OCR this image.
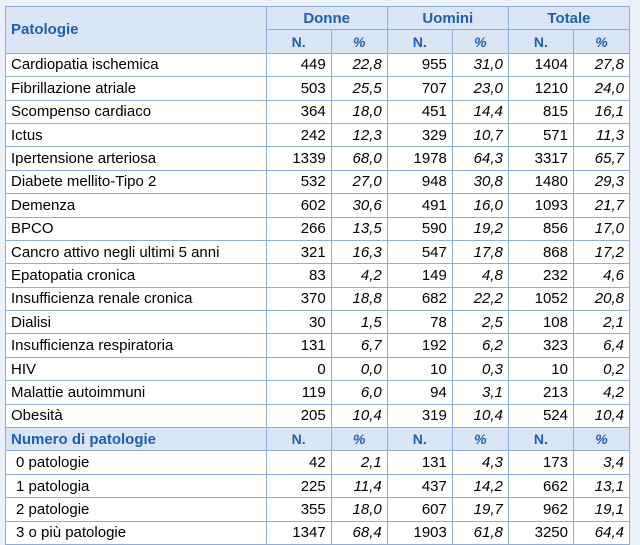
Patologie	Donne		Uomini		Totale	
	N.	%	N.	%	N.	%
Cardiopatia ischemica	449	22,8	955	31,0	1404	27,8
Fibrillazione atriale	503	25,5	707	23,0	1210	24,0
Scompenso cardiaco	364	18,0	451	14,4	815	16,1
Ictus	242	12,3	329	10,7	571	11,3
Ipertensione arteriosa	1339	68,0	1978	64,3	3317	65,7
Diabete mellito-Tipo 2	532	27,0	948	30,8	1480	29,3
Demenza	602	30,6	491	16,0	1093	21,7
BPCO	266	13,5	590	19,2	856	17,0
Cancro attivo negli ultimi 5 anni	321	16,3	547	17,8	868	17,2
Epatopatia cronica	83	4,2	149	4,8	232	4,6
Insufficienza renale cronica	370	18,8	682	22,2	1052	20,8
Dialisi	30	1,5	78	2,5	108	2,1
Insufficienza respiratoria	131	6,7	192	6,2	323	6,4
HIV	0	0,0	10	0,3	10	0,2
Malattie autoimmuni	119	6,0	94	3,1	213	4,2
Obesità	205	10,4	319	10,4	524	10,4
Numero di patologie	N.	%	N.	%	N.	%
0 patologie	42	2,1	131	4,3	173	3,4
1 patologia	225	11,4	437	14,2	662	13,1
2 patologie	355	18,0	607	19,7	962	19,1
3 o più patologie	1347	68,4	1903	61,8	3250	64,4
